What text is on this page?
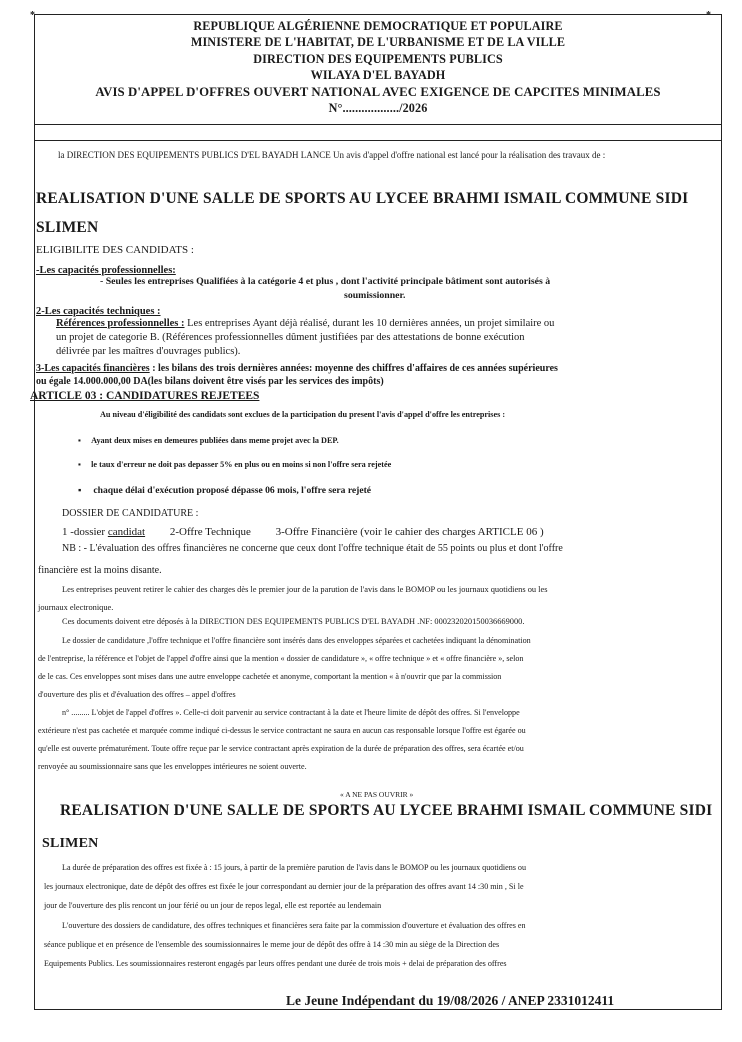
*	*
REPUBLIQUE ALGÉRIENNE DEMOCRATIQUE ET POPULAIRE
MINISTERE DE L'HABITAT, DE L'URBANISME ET DE LA VILLE
DIRECTION DES EQUIPEMENTS PUBLICS
WILAYA D'EL BAYADH
AVIS D'APPEL D'OFFRES OUVERT NATIONAL AVEC EXIGENCE DE CAPCITES MINIMALES
N°................../2026
la DIRECTION DES EQUIPEMENTS PUBLICS D'EL BAYADH LANCE Un avis d'appel d'offre national est lancé pour la réalisation des travaux de :
REALISATION D'UNE SALLE DE SPORTS AU LYCEE BRAHMI ISMAIL COMMUNE SIDI
SLIMEN
ELIGIBILITE DES CANDIDATS :
-Les capacités professionnelles:
- Seules les entreprises Qualifiées à la catégorie 4 et plus , dont l'activité principale bâtiment sont autorisés à
soumissionner.
2-Les capacités techniques :
Références professionnelles : Les entreprises Ayant déjà réalisé, durant les 10 dernières années, un projet similaire ou
un projet de categorie B. (Références professionnelles dûment justifiées par des attestations de bonne exécution
délivrée par les maîtres d'ouvrages publics).
3-Les capacités financières : les bilans des trois dernières années: moyenne des chiffres d'affaires de ces années supérieures
ou égale 14.000.000,00 DA(les bilans doivent être visés par les services des impôts)
ARTICLE 03 : CANDIDATURES REJETEES
Au niveau d'éligibilité des candidats sont exclues de la participation du present l'avis d'appel d'offre les entreprises :
▪     Ayant deux mises en demeures publiées dans meme projet avec la DEP.
▪     le taux d'erreur ne doit pas depasser 5% en plus ou en moins si non l'offre sera rejetée
▪     chaque délai d'exécution proposé dépasse 06 mois, l'offre sera rejeté
DOSSIER DE CANDIDATURE :
1 -dossier candidat 2-Offre Technique 3-Offre Financière (voir le cahier des charges ARTICLE 06 )
NB : - L'évaluation des offres financières ne concerne que ceux dont l'offre technique était de 55 points ou plus et dont l'offre
financière est la moins disante.
Les entreprises peuvent retirer le cahier des charges dès le premier jour de la parution de l'avis dans le BOMOP ou les journaux quotidiens ou les
journaux electronique.
Ces documents doivent etre déposés à la DIRECTION DES EQUIPEMENTS PUBLICS D'EL BAYADH .NF: 000232020150036669000.
Le dossier de candidature ,l'offre technique et l'offre financière sont insérés dans des enveloppes séparées et cachetées indiquant la dénomination
de l'entreprise, la référence et l'objet de l'appel d'offre ainsi que la mention « dossier de candidature », « offre technique » et « offre financière », selon
de le cas. Ces enveloppes sont mises dans une autre enveloppe cachetée et anonyme, comportant la mention « à n'ouvrir que par la commission
d'ouverture des plis et d'évaluation des offres – appel d'offres
n° ......... L'objet de l'appel d'offres ». Celle-ci doit parvenir au service contractant à la date et l'heure limite de dépôt des offres. Si l'enveloppe
extérieure n'est pas cachetée et marquée comme indiqué ci-dessus le service contractant ne saura en aucun cas responsable lorsque l'offre est égarée ou
qu'elle est ouverte prématurément. Toute offre reçue par le service contractant après expiration de la durée de préparation des offres, sera écartée et/ou
renvoyée au soumissionnaire sans que les enveloppes intérieures ne soient ouverte.
« A NE PAS OUVRIR »
REALISATION D'UNE SALLE DE SPORTS AU LYCEE BRAHMI ISMAIL COMMUNE SIDI
SLIMEN
La durée de préparation des offres est fixée à : 15 jours, à partir de la première parution de l'avis dans le BOMOP ou les journaux quotidiens ou
les journaux electronique, date de dépôt des offres est fixée le jour correspondant au dernier jour de la préparation des offres avant 14 :30 min , Si le
jour de l'ouverture des plis rencont un jour férié ou un jour de repos legal, elle est reportée au lendemain
L'ouverture des dossiers de candidature, des offres techniques et financières sera faite par la commission d'ouverture et évaluation des offres en
séance publique et en présence de l'ensemble des soumissionnaires le meme jour de dépôt des offre à 14 :30 min au siège de la Direction des
Equipements Publics. Les soumissionnaires resteront engagés par leurs offres pendant une durée de trois mois + delai de préparation des offres
Le Jeune Indépendant du 19/08/2026 / ANEP 2331012411
